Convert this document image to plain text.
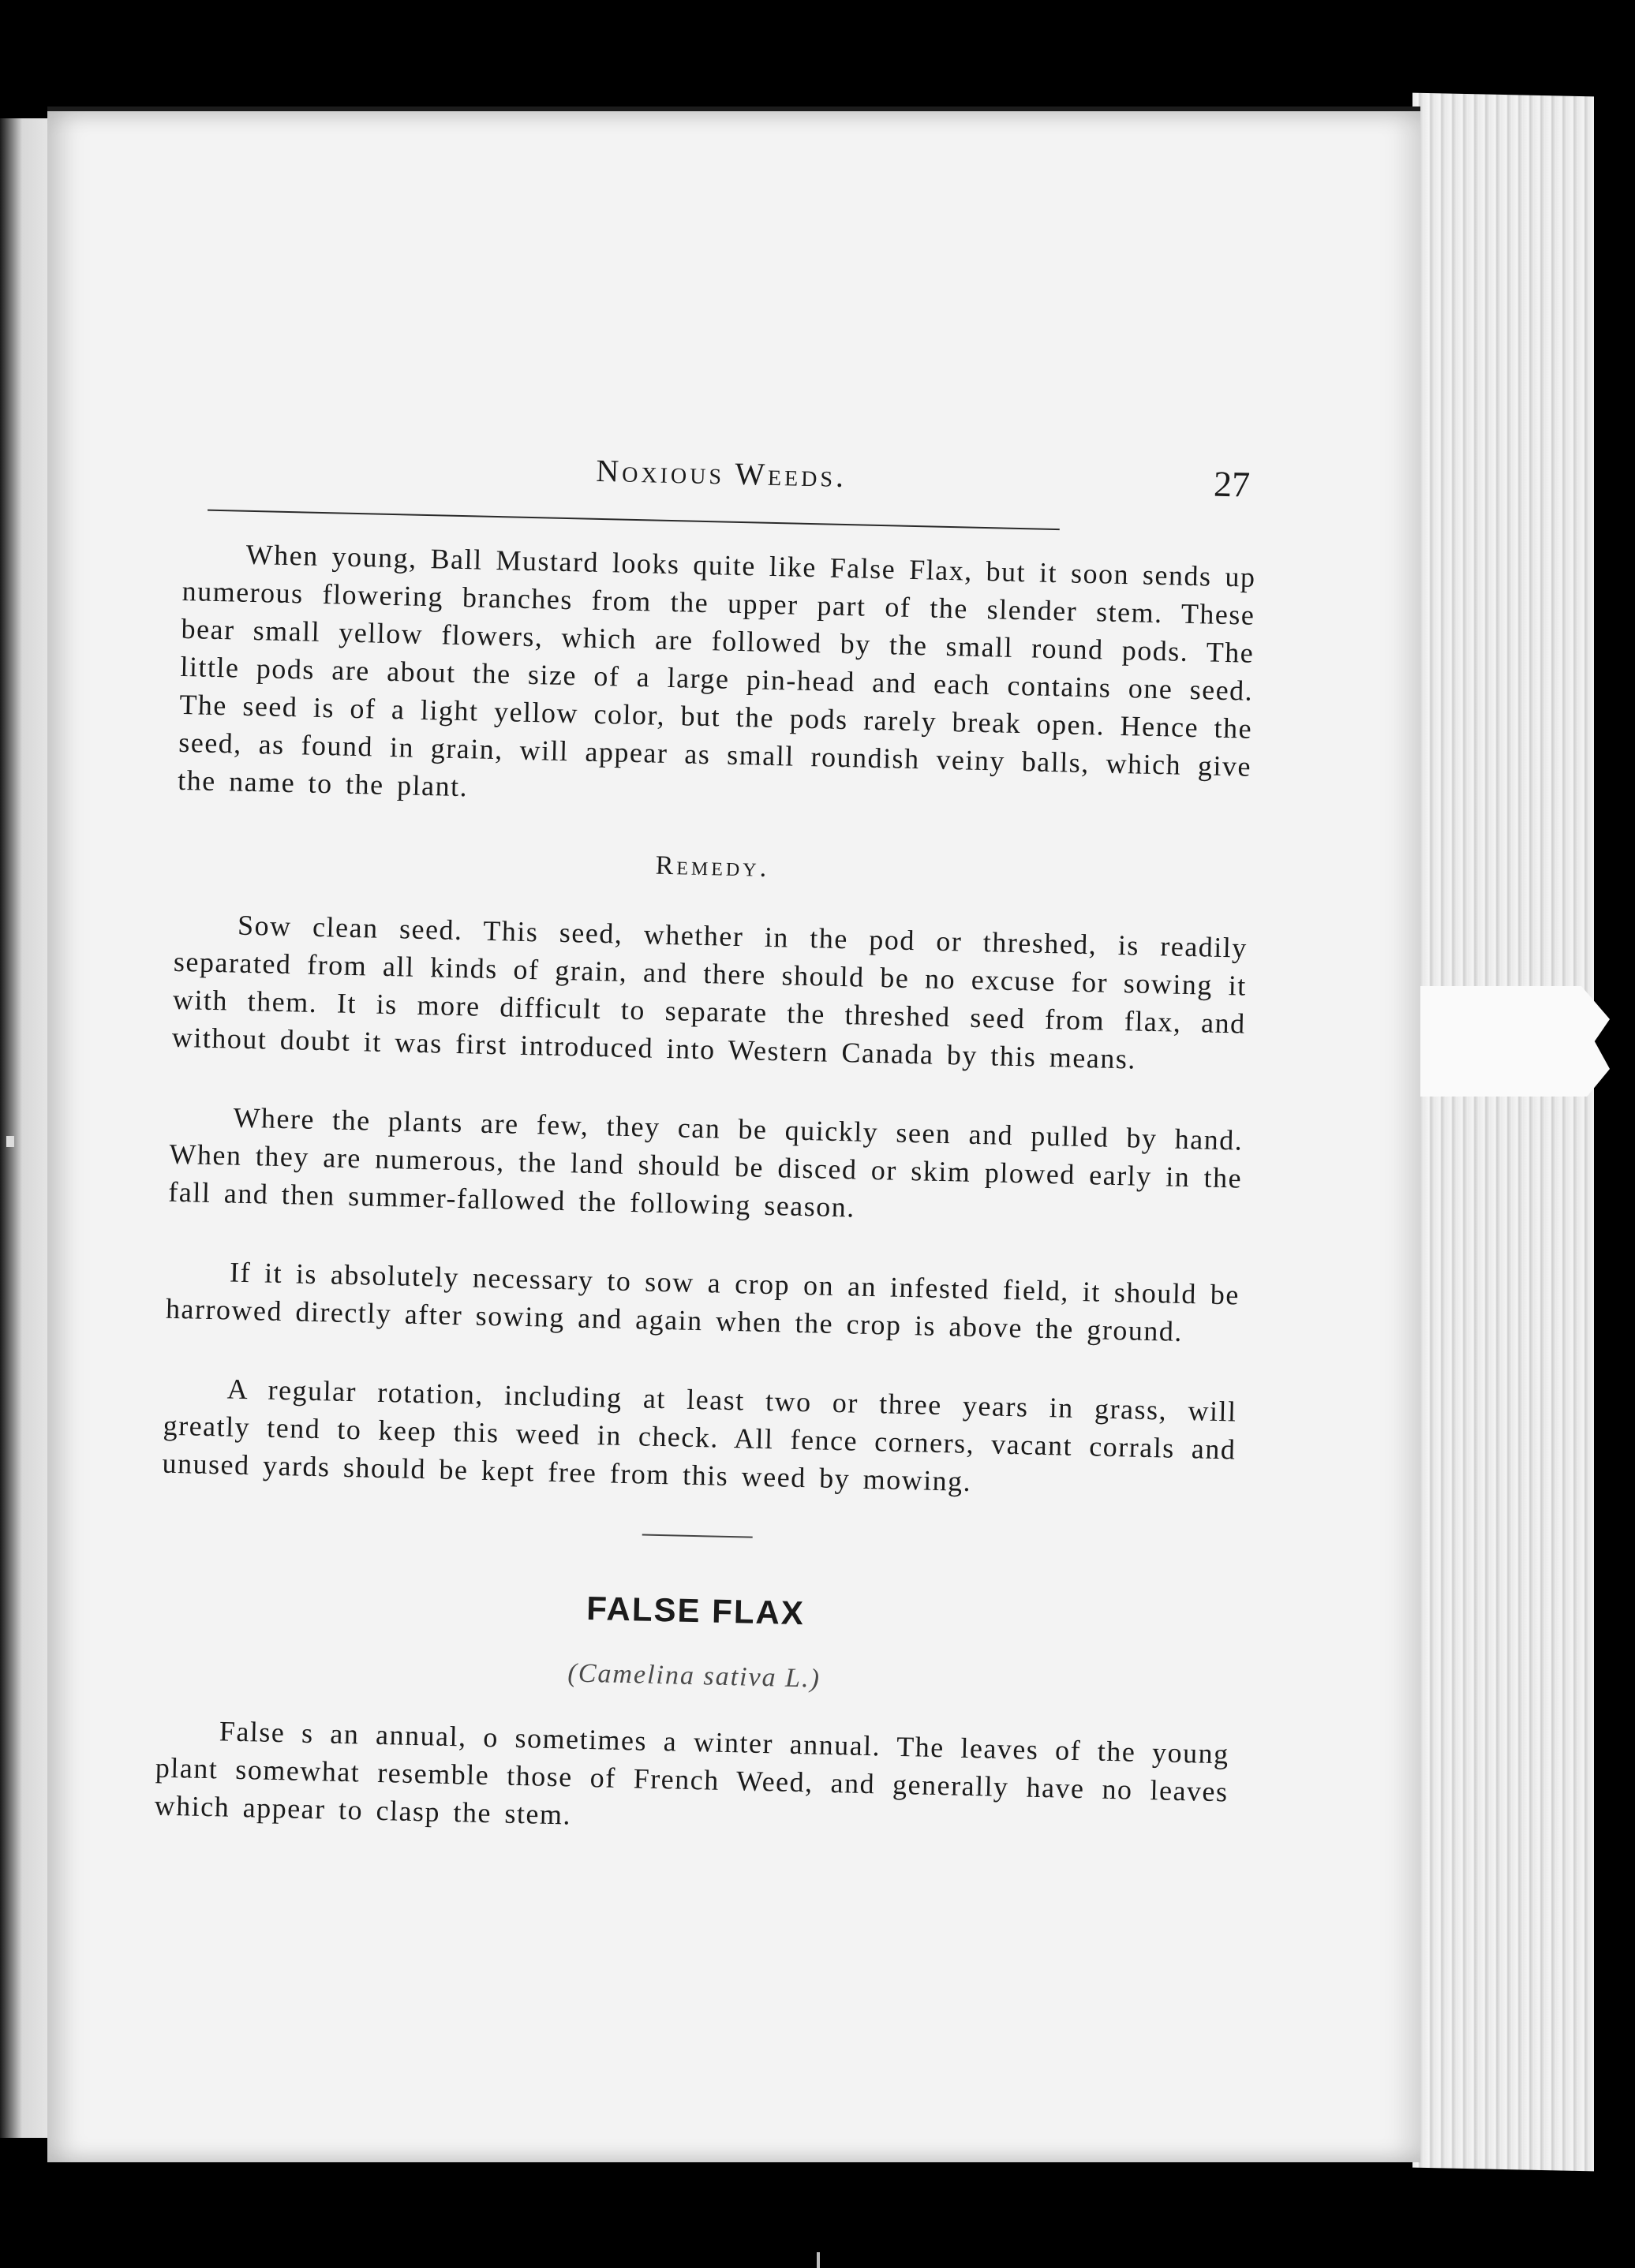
Noxious Weeds.	27

When young, Ball Mustard looks quite like False Flax, but it soon sends up numerous flowering branches from the upper part of the slender stem. These bear small yellow flowers, which are followed by the small round pods. The little pods are about the size of a large pin-head and each contains one seed. The seed is of a light yellow color, but the pods rarely break open. Hence the seed, as found in grain, will appear as small roundish veiny balls, which give the name to the plant.

Remedy.

Sow clean seed. This seed, whether in the pod or threshed, is readily separated from all kinds of grain, and there should be no excuse for sowing it with them. It is more difficult to separate the threshed seed from flax, and without doubt it was first introduced into Western Canada by this means.

Where the plants are few, they can be quickly seen and pulled by hand. When they are numerous, the land should be disced or skim plowed early in the fall and then summer-fallowed the following season.

If it is absolutely necessary to sow a crop on an infested field, it should be harrowed directly after sowing and again when the crop is above the ground.

A regular rotation, including at least two or three years in grass, will greatly tend to keep this weed in check. All fence corners, vacant corrals and unused yards should be kept free from this weed by mowing.

FALSE FLAX
(Camelina sativa L.)

False s an annual, o sometimes a winter annual. The leaves of the young plant somewhat resemble those of French Weed, and generally have no leaves which appear to clasp the stem.
